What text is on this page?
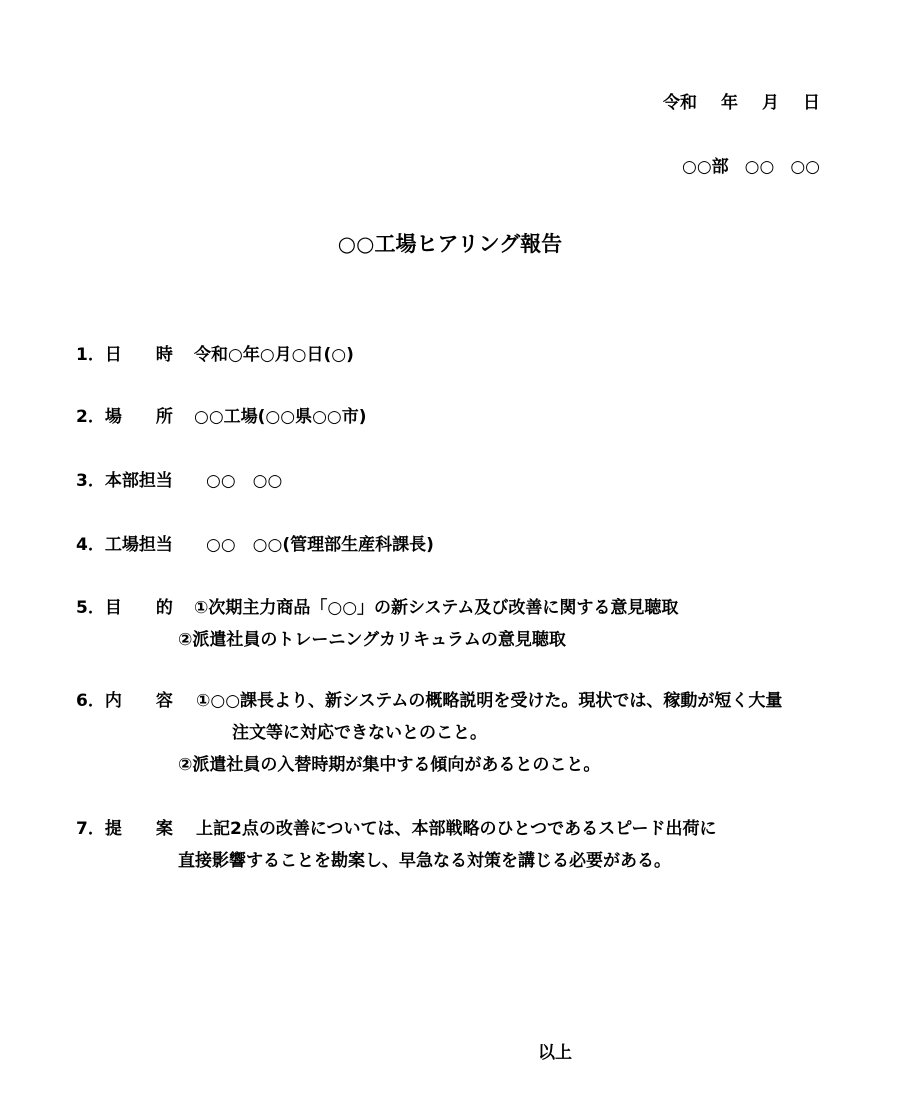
令和 年 月 日
○○部 ○○ ○○
○○工場ヒアリング報告
1．日　　時 令和○年○月○日(○)
2．場　　所 ○○工場(○○県○○市)
3．本部担当 ○○　○○
4．工場担当 ○○　○○(管理部生産科課長)
5．目　　的 ①次期主力商品「○○」の新システム及び改善に関する意見聴取
②派遣社員のトレーニングカリキュラムの意見聴取
6．内　　容 ①○○課長より、新システムの概略説明を受けた。現状では、稼動が短く大量
注文等に対応できないとのこと。
②派遣社員の入替時期が集中する傾向があるとのこと。
7．提　　案 上記2点の改善については、本部戦略のひとつであるスピード出荷に
直接影響することを勘案し、早急なる対策を講じる必要がある。
以上
